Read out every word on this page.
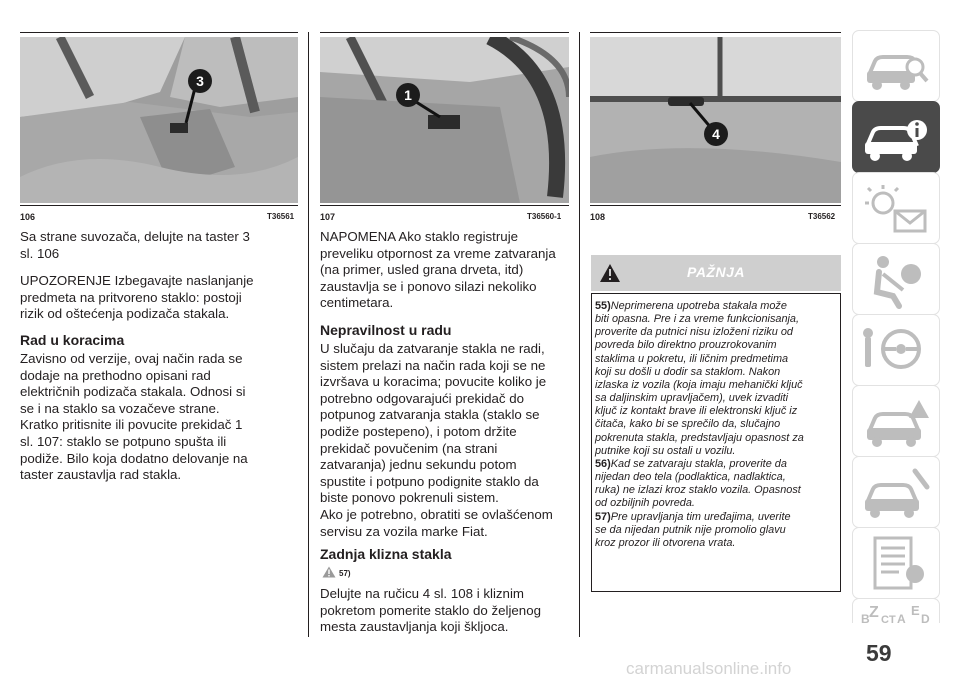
3
106	T36561
1
107	T36560-1
4
108	T36562

Sa strane suvozača, delujte na taster 3
sl. 106

UPOZORENJE Izbegavajte naslanjanje
predmeta na pritvoreno staklo: postoji
rizik od oštećenja podizača stakala.

Rad u koracima

Zavisno od verzije, ovaj način rada se
dodaje na prethodno opisani rad
električnih podizača stakala. Odnosi si
se i na staklo sa vozačeve strane.
Kratko pritisnite ili povucite prekidač 1
sl. 107: staklo se potpuno spušta ili
podiže. Bilo koja dodatno delovanje na
taster zaustavlja rad stakla.

NAPOMENA Ako staklo registruje
preveliku otpornost za vreme zatvaranja
(na primer, usled grana drveta, itd)
zaustavlja se i ponovo silazi nekoliko
centimetara.

Nepravilnost u radu

U slučaju da zatvaranje stakla ne radi,
sistem prelazi na način rada koji se ne
izvršava u koracima; povucite koliko je
potrebno odgovarajući prekidač do
potpunog zatvaranja stakla (staklo se
podiže postepeno), i potom držite
prekidač povučenim (na strani
zatvaranja) jednu sekundu potom
spustite i potpuno podignite staklo da
biste ponovo pokrenuli sistem.

Ako je potrebno, obratiti se ovlašćenom
servisu za vozila marke Fiat.

Zadnja klizna stakla

57)

Delujte na ručicu 4 sl. 108 i kliznim
pokretom pomerite staklo do željenog
mesta zaustavljanja koji škljoca.

PAŽNJA

55)Neprimerena upotreba stakala može
biti opasna. Pre i za vreme funkcionisanja,
proverite da putnici nisu izloženi riziku od
povreda bilo direktno prouzrokovanim
staklima u pokretu, ili ličnim predmetima
koji su došli u dodir sa staklom. Nakon
izlaska iz vozila (koja imaju mehanički ključ
sa daljinskim upravljačem), uvek izvaditi
ključ iz kontakt brave ili elektronski ključ iz
čitača, kako bi se sprečilo da, slučajno
pokrenuta stakla, predstavljaju opasnost za
putnike koji su ostali u vozilu.

56)Kad se zatvaraju stakla, proverite da
nijedan deo tela (podlaktica, nadlaktica,
ruka) ne izlazi kroz staklo vozila. Opasnost
od ozbiljnih povreda.

57)Pre upravljanja tim uređajima, uverite
se da nijedan putnik nije promolio glavu
kroz prozor ili otvorena vrata.

Z E
B A
C T D
59
carmanualsonline.info
